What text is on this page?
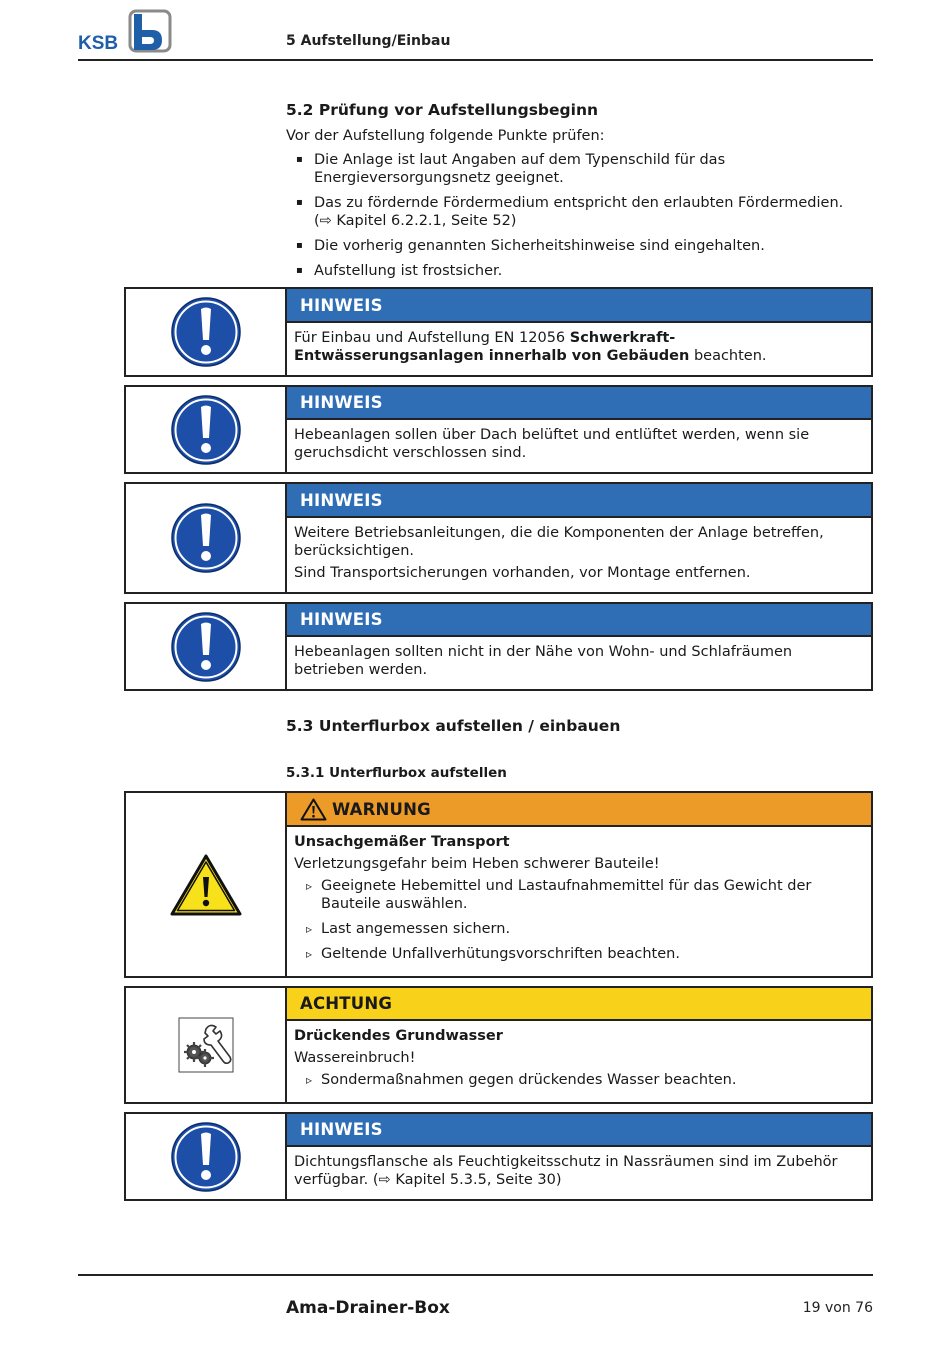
KSB	5 Aufstellung/Einbau
5.2 Prüfung vor Aufstellungsbeginn
Vor der Aufstellung folgende Punkte prüfen:
▪ Die Anlage ist laut Angaben auf dem Typenschild für das Energieversorgungsnetz geeignet.
▪ Das zu fördernde Fördermedium entspricht den erlaubten Fördermedien.
(⇨ Kapitel 6.2.2.1, Seite 52)
▪ Die vorherig genannten Sicherheitshinweise sind eingehalten.
▪ Aufstellung ist frostsicher.
HINWEIS

Für Einbau und Aufstellung EN 12056 Schwerkraft-Entwässerungsanlagen innerhalb von Gebäuden beachten.

HINWEIS

Hebeanlagen sollen über Dach belüftet und entlüftet werden, wenn sie geruchsdicht verschlossen sind.

HINWEIS

Weitere Betriebsanleitungen, die die Komponenten der Anlage betreffen, berücksichtigen.

Sind Transportsicherungen vorhanden, vor Montage entfernen.

HINWEIS

Hebeanlagen sollten nicht in der Nähe von Wohn- und Schlafräumen betrieben werden.

5.3 Unterflurbox aufstellen / einbauen
5.3.1 Unterflurbox aufstellen
WARNUNG

Unsachgemäßer Transport

Verletzungsgefahr beim Heben schwerer Bauteile!

▹ Geeignete Hebemittel und Lastaufnahmemittel für das Gewicht der Bauteile auswählen.
▹ Last angemessen sichern.
▹ Geltende Unfallverhütungsvorschriften beachten.
ACHTUNG

Drückendes Grundwasser

Wassereinbruch!

▹ Sondermaßnahmen gegen drückendes Wasser beachten.
HINWEIS

Dichtungsflansche als Feuchtigkeitsschutz in Nassräumen sind im Zubehör verfügbar. (⇨ Kapitel 5.3.5, Seite 30)

Ama-Drainer-Box	19 von 76
